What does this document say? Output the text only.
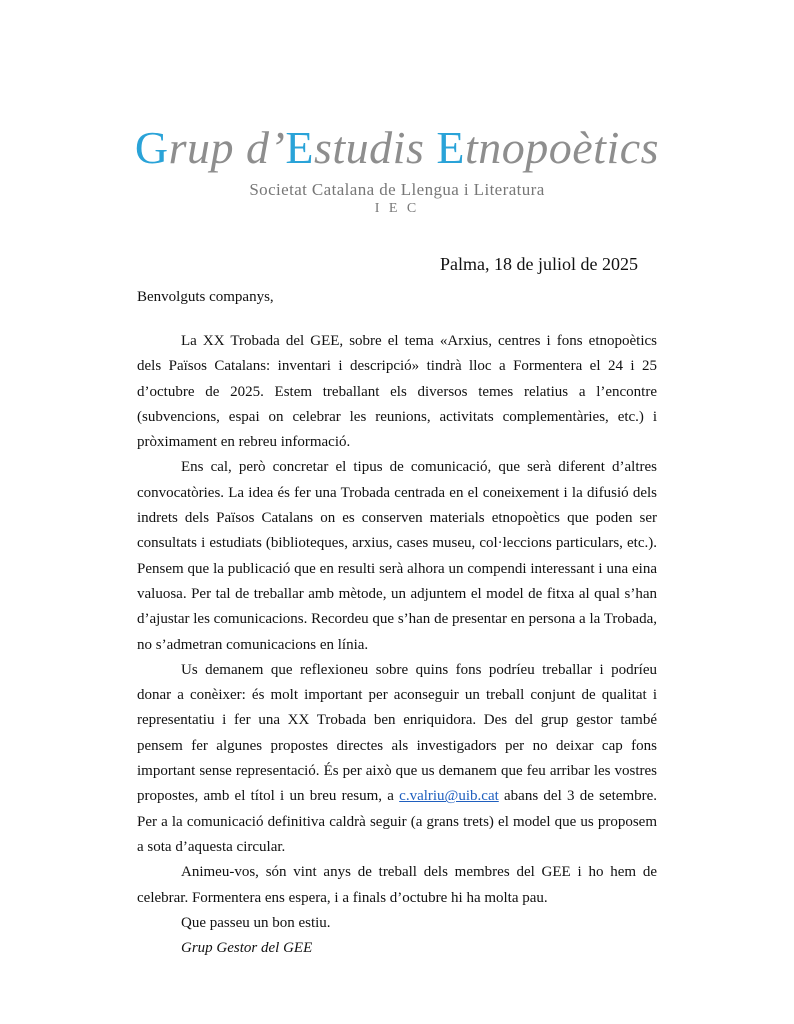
Grup d’Estudis Etnopoètics
Societat Catalana de Llengua i Literatura
I E C
Palma, 18 de juliol de 2025
Benvolguts companys,

La XX Trobada del GEE, sobre el tema «Arxius, centres i fons etnopoètics dels Països Catalans: inventari i descripció» tindrà lloc a Formentera el 24 i 25 d’octubre de 2025. Estem treballant els diversos temes relatius a l’encontre (subvencions, espai on celebrar les reunions, activitats complementàries, etc.) i pròximament en rebreu informació.

Ens cal, però concretar el tipus de comunicació, que serà diferent d’altres convocatòries. La idea és fer una Trobada centrada en el coneixement i la difusió dels indrets dels Països Catalans on es conserven materials etnopoètics que poden ser consultats i estudiats (biblioteques, arxius, cases museu, col·leccions particulars, etc.). Pensem que la publicació que en resulti serà alhora un compendi interessant i una eina valuosa. Per tal de treballar amb mètode, un adjuntem el model de fitxa al qual s’han d’ajustar les comunicacions. Recordeu que s’han de presentar en persona a la Trobada, no s’admetran comunicacions en línia.

Us demanem que reflexioneu sobre quins fons podríeu treballar i podríeu donar a conèixer: és molt important per aconseguir un treball conjunt de qualitat i representatiu i fer una XX Trobada ben enriquidora. Des del grup gestor també pensem fer algunes propostes directes als investigadors per no deixar cap fons important sense representació. És per això que us demanem que feu arribar les vostres propostes, amb el títol i un breu resum, a c.valriu@uib.cat abans del 3 de setembre. Per a la comunicació definitiva caldrà seguir (a grans trets) el model que us proposem a sota d’aquesta circular.

Animeu-vos, són vint anys de treball dels membres del GEE i ho hem de celebrar. Formentera ens espera, i a finals d’octubre hi ha molta pau.

Que passeu un bon estiu.

Grup Gestor del GEE
